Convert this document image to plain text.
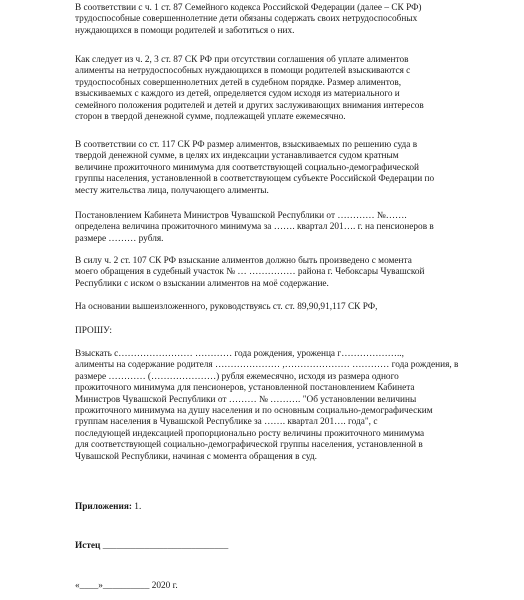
В соответствии с ч. 1 ст. 87 Семейного кодекса Российской Федерации (далее – СК РФ)
трудоспособные совершеннолетние дети обязаны содержать своих нетрудоспособных
нуждающихся в помощи родителей и заботиться о них.
Как следует из ч. 2, 3 ст. 87 СК РФ при отсутствии соглашения об уплате алиментов
алименты на нетрудоспособных нуждающихся в помощи родителей взыскиваются с
трудоспособных совершеннолетних детей в судебном порядке. Размер алиментов,
взыскиваемых с каждого из детей, определяется судом исходя из материального и
семейного положения родителей и детей и других заслуживающих внимания интересов
сторон в твердой денежной сумме, подлежащей уплате ежемесячно.
В соответствии со ст. 117 СК РФ размер алиментов, взыскиваемых по решению суда в
твердой денежной сумме, в целях их индексации устанавливается судом кратным
величине прожиточного минимума для соответствующей социально-демографической
группы населения, установленной в соответствующем субъекте Российской Федерации по
месту жительства лица, получающего алименты.
Постановлением Кабинета Министров Чувашской Республики от ………… №…….
определена величина прожиточного минимума за ……. квартал 201…. г. на пенсионеров в
размере ……… рубля.
В силу ч. 2 ст. 107 СК РФ взыскание алиментов должно быть произведено с момента
моего обращения в судебный участок № … …………… района г. Чебоксары Чувашской
Республики с иском о взыскании алиментов на моё содержание.
На основании вышеизложенного, руководствуясь ст. ст. 89,90,91,117 СК РФ,
ПРОШУ:
Взыскать с…………………… ………… года рождения, уроженца г………………..,
алименты на содержание родителя ………………… ,………………… ………… года рождения, в
размере ………… (…………………) рубля ежемесячно, исходя из размера одного
прожиточного минимума для пенсионеров, установленной постановлением Кабинета
Министров Чувашской Республики от ……… № ………. "Об установлении величины
прожиточного минимума на душу населения и по основным социально-демографическим
группам населения в Чувашской Республике за ……. квартал 201…. года", с
последующей индексацией пропорционально росту величины прожиточного минимума
для соответствующей социально-демографической группы населения, установленной в
Чувашской Республики, начиная с момента обращения в суд.
Приложения: 1.
Истец ___________________________
«____»__________ 2020 г.
